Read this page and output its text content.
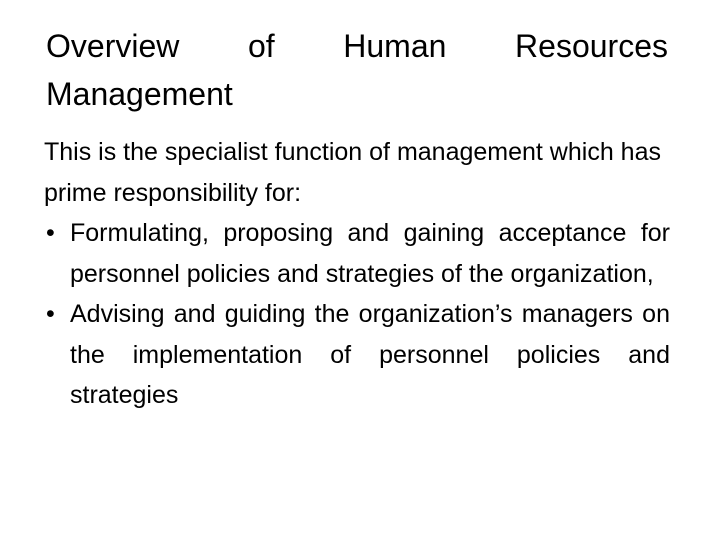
Overview of Human Resources Management

This is the specialist function of management which has prime responsibility for:

• Formulating, proposing and gaining acceptance for personnel policies and strategies of the organization,
• Advising and guiding the organization’s managers on the implementation of personnel policies and strategies
